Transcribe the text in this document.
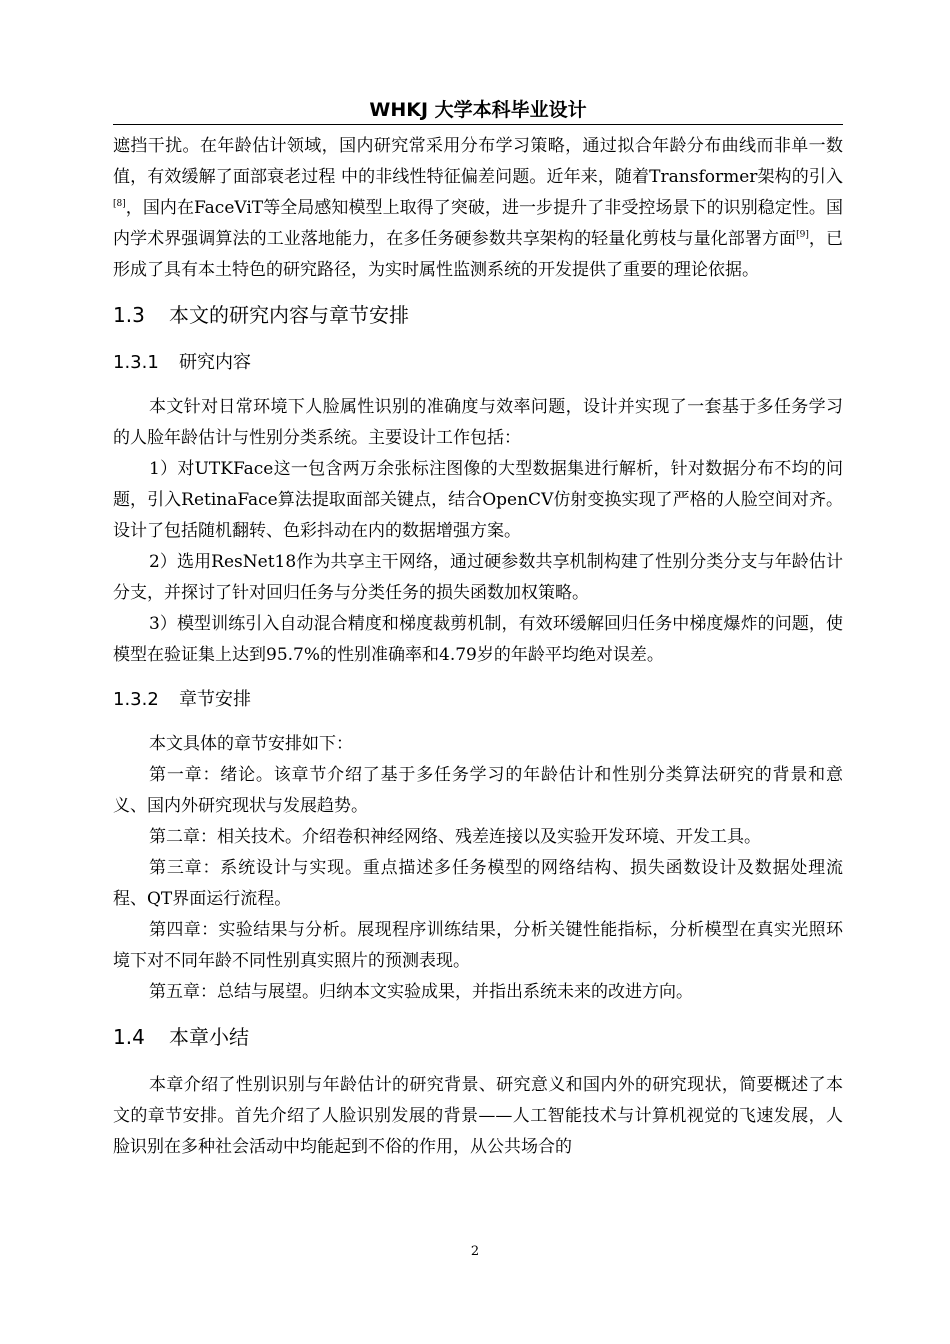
WHKJ 大学本科毕业设计

遮挡干扰。在年龄估计领域，国内研究常采用分布学习策略，通过拟合年龄分布曲线而非单一数值，有效缓解了面部衰老过程 中的非线性特征偏差问题。近年来，随着Transformer架构的引入[8]，国内在FaceViT等全局感知模型上取得了突破，进一步提升了非受控场景下的识别稳定性。国内学术界强调算法的工业落地能力，在多任务硬参数共享架构的轻量化剪枝与量化部署方面[9]，已形成了具有本土特色的研究路径，为实时属性监测系统的开发提供了重要的理论依据。

1.3 本文的研究内容与章节安排
1.3.1 研究内容

本文针对日常环境下人脸属性识别的准确度与效率问题，设计并实现了一套基于多任务学习的人脸年龄估计与性别分类系统。主要设计工作包括：

1）对UTKFace这一包含两万余张标注图像的大型数据集进行解析，针对数据分布不均的问题，引入RetinaFace算法提取面部关键点，结合OpenCV仿射变换实现了严格的人脸空间对齐。设计了包括随机翻转、色彩抖动在内的数据增强方案。

2）选用ResNet18作为共享主干网络，通过硬参数共享机制构建了性别分类分支与年龄估计分支，并探讨了针对回归任务与分类任务的损失函数加权策略。

3）模型训练引入自动混合精度和梯度裁剪机制，有效环缓解回归任务中梯度爆炸的问题，使模型在验证集上达到95.7%的性别准确率和4.79岁的年龄平均绝对误差。

1.3.2 章节安排

本文具体的章节安排如下：

第一章：绪论。该章节介绍了基于多任务学习的年龄估计和性别分类算法研究的背景和意义、国内外研究现状与发展趋势。

第二章：相关技术。介绍卷积神经网络、残差连接以及实验开发环境、开发工具。

第三章：系统设计与实现。重点描述多任务模型的网络结构、损失函数设计及数据处理流程、QT界面运行流程。

第四章：实验结果与分析。展现程序训练结果，分析关键性能指标，分析模型在真实光照环境下对不同年龄不同性别真实照片的预测表现。

第五章：总结与展望。归纳本文实验成果，并指出系统未来的改进方向。

1.4 本章小结

本章介绍了性别识别与年龄估计的研究背景、研究意义和国内外的研究现状，简要概述了本文的章节安排。首先介绍了人脸识别发展的背景——人工智能技术与计算机视觉的飞速发展，人脸识别在多种社会活动中均能起到不俗的作用，从公共场合的

2
